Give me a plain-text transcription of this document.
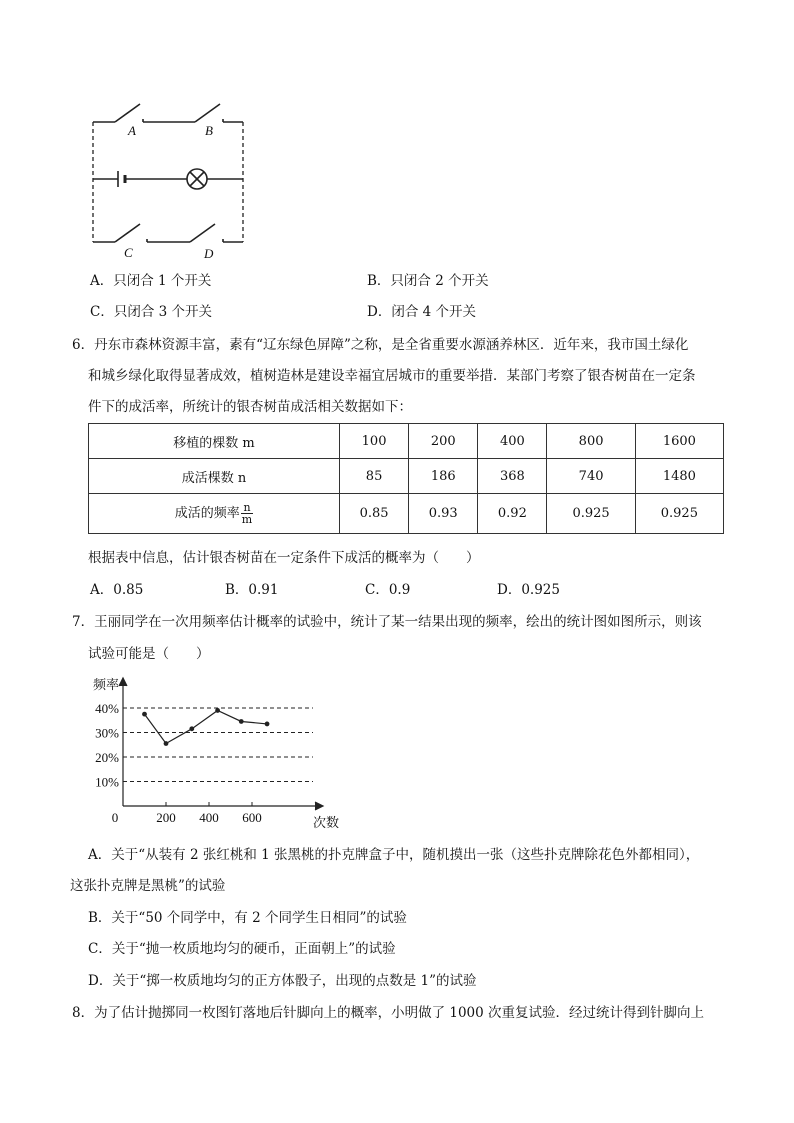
A	B
C	D
A．只闭合 1 个开关	B．只闭合 2 个开关
C．只闭合 3 个开关	D．闭合 4 个开关
6．丹东市森林资源丰富，素有“辽东绿色屏障”之称，是全省重要水源涵养林区．近年来，我市国土绿化
和城乡绿化取得显著成效，植树造林是建设幸福宜居城市的重要举措．某部门考察了银杏树苗在一定条
件下的成活率，所统计的银杏树苗成活相关数据如下：
移植的棵数 m	100	200	400	800	1600
成活棵数 n	85	186	368	740	1480
成活的频率 $\frac{n}{m}$	0.85	0.93	0.92	0.925	0.925
根据表中信息，估计银杏树苗在一定条件下成活的概率为（　　）
A．0.85	B．0.91	C．0.9	D．0.925
7．王丽同学在一次用频率估计概率的试验中，统计了某一结果出现的频率，绘出的统计图如图所示，则该
试验可能是（　　）
10%
20%
30%
40%
200 400 600
0
频率
次数
A．关于“从装有 2 张红桃和 1 张黑桃的扑克牌盒子中，随机摸出一张（这些扑克牌除花色外都相同），
这张扑克牌是黑桃”的试验
B．关于“50 个同学中，有 2 个同学生日相同”的试验
C．关于“抛一枚质地均匀的硬币，正面朝上”的试验
D．关于“掷一枚质地均匀的正方体骰子，出现的点数是 1”的试验
8．为了估计抛掷同一枚图钉落地后针脚向上的概率，小明做了 1000 次重复试验．经过统计得到针脚向上
